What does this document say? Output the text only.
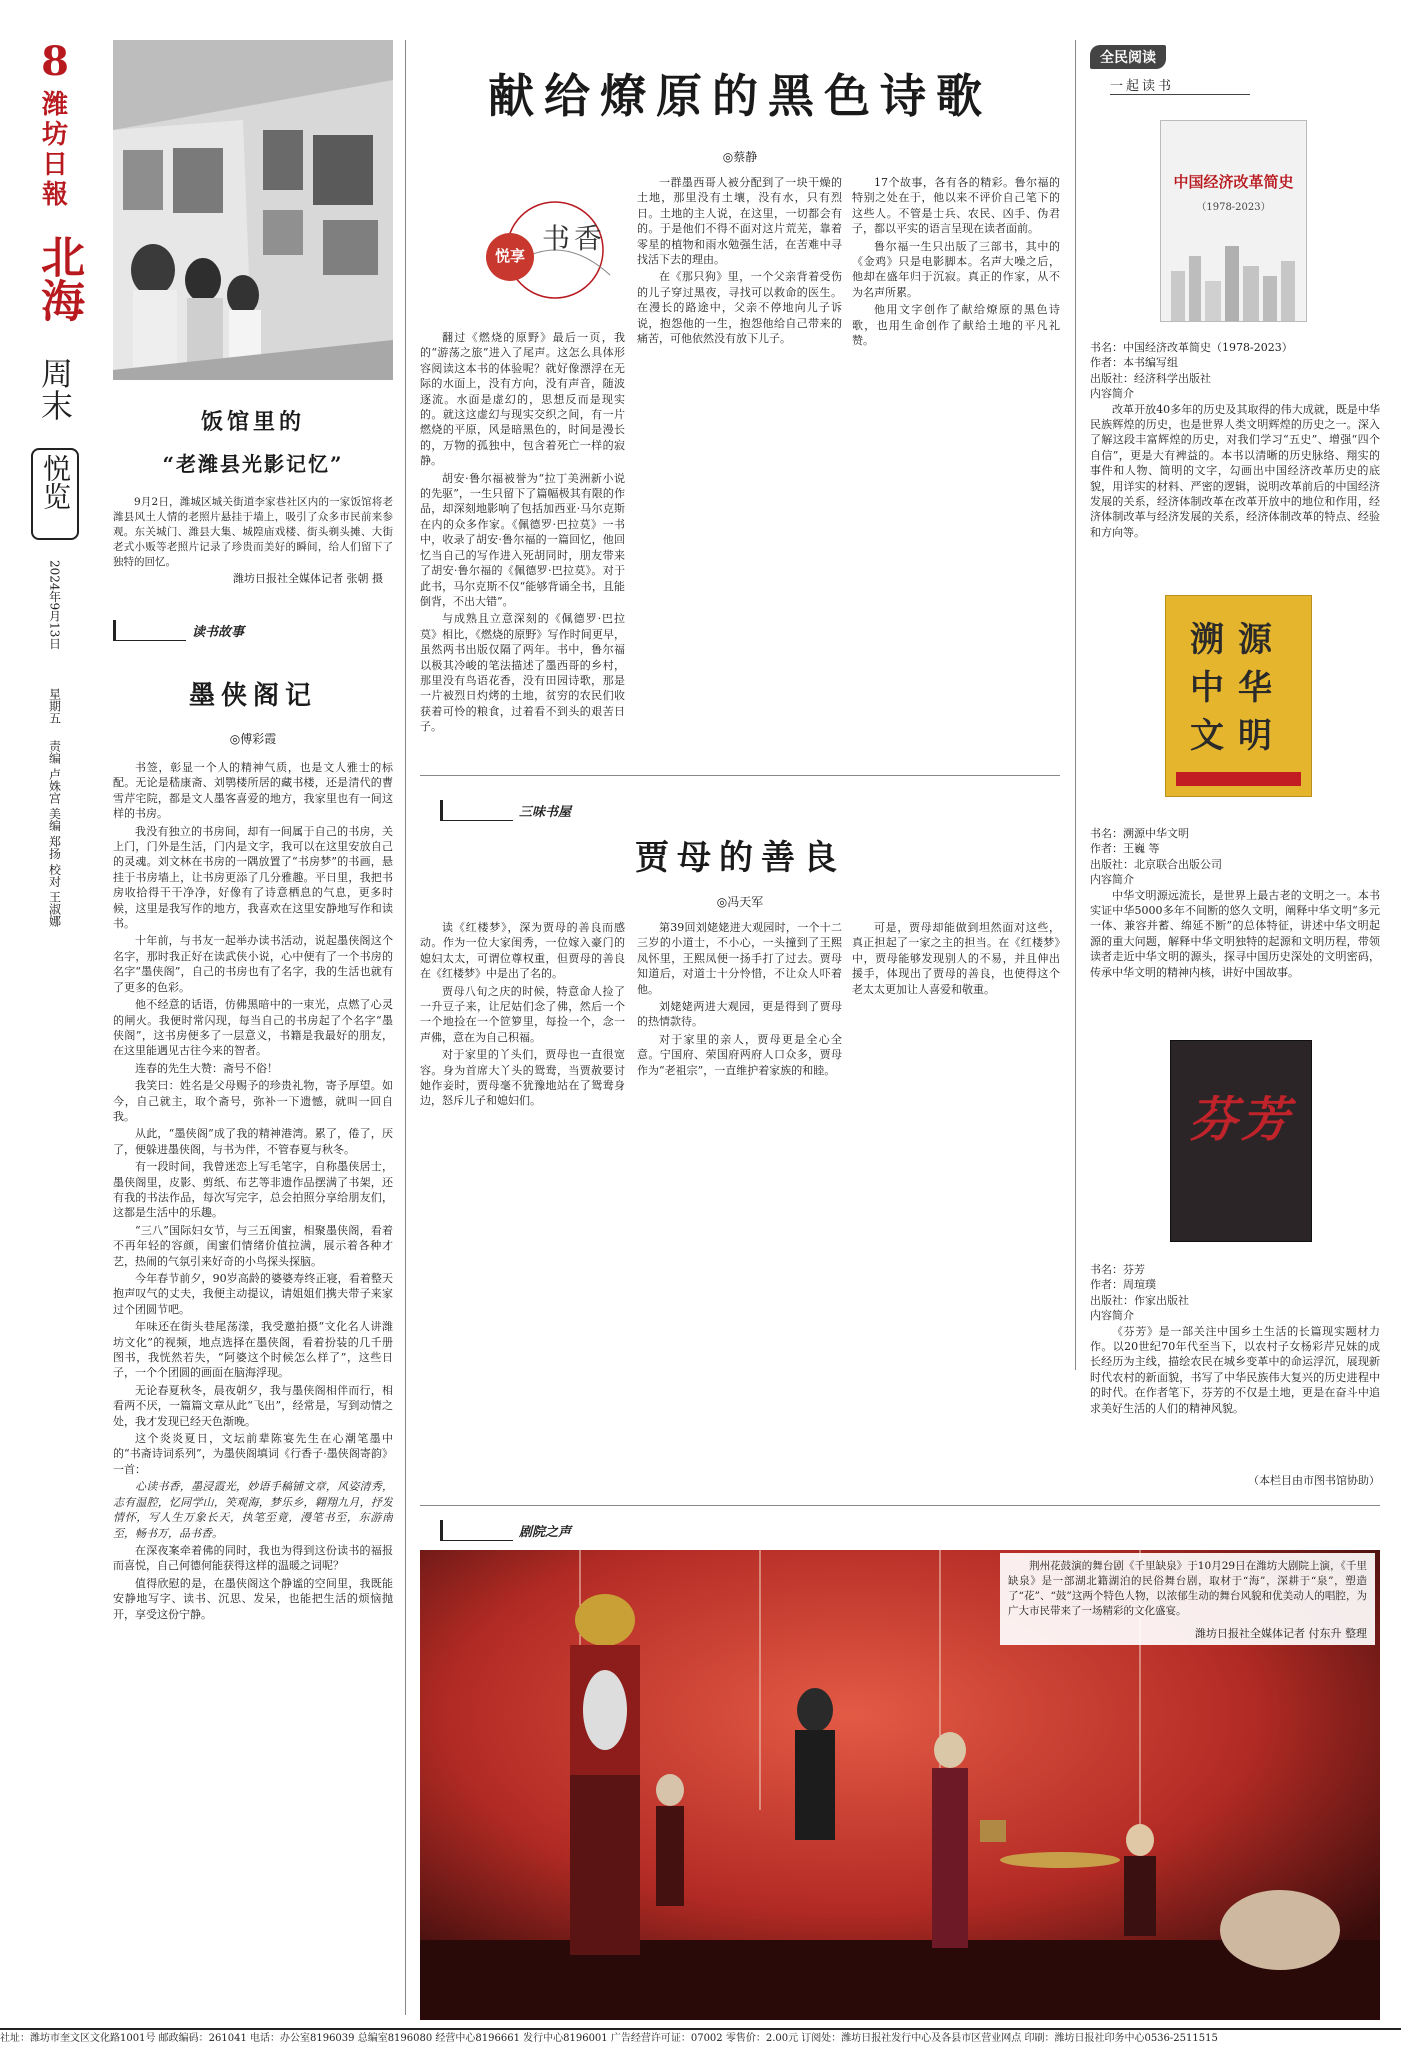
8
潍
坊
日
報
北海
周末
悦览
2024年9月13日
星期五
责编 卢姝宫 美编 郑扬 校对 王淑娜
饭馆里的
“老潍县光影记忆”
9月2日，潍城区城关街道李家巷社区内的一家饭馆将老潍县风土人情的老照片悬挂于墙上，吸引了众多市民前来参观。东关城门、潍县大集、城隍庙戏楼、街头剃头摊、大街老式小贩等老照片记录了珍贵而美好的瞬间，给人们留下了独特的回忆。
潍坊日报社全媒体记者 张朝 摄
读书故事
墨侠阁记
◎傅彩霞

书签，彰显一个人的精神气质，也是文人雅士的标配。无论是嵇康斋、刘鹗楼所居的藏书楼，还是清代的曹雪芹宅院，都是文人墨客喜爱的地方，我家里也有一间这样的书房。

我没有独立的书房间，却有一间属于自己的书房，关上门，门外是生活，门内是文字，我可以在这里安放自己的灵魂。刘文林在书房的一隅放置了“书房梦”的书画，悬挂于书房墙上，让书房更添了几分雅趣。平日里，我把书房收拾得干干净净，好像有了诗意栖息的气息，更多时候，这里是我写作的地方，我喜欢在这里安静地写作和读书。

十年前，与书友一起举办读书活动，说起墨侠阁这个名字，那时我正好在读武侠小说，心中便有了一个书房的名字“墨侠阁”，自己的书房也有了名字，我的生活也就有了更多的色彩。

他不经意的话语，仿佛黑暗中的一束光，点燃了心灵的闸火。我便时常闪现，每当自己的书房起了个名字“墨侠阁”，这书房便多了一层意义，书籍是我最好的朋友，在这里能遇见古往今来的智者。

连春的先生大赞：斋号不俗！

我笑曰：姓名是父母赐予的珍贵礼物，寄予厚望。如今，自己就主，取个斋号，弥补一下遗憾，就叫一回自我。

从此，“墨侠阁”成了我的精神港湾。累了，倦了，厌了，便躲进墨侠阁，与书为伴，不管春夏与秋冬。

有一段时间，我曾迷恋上写毛笔字，自称墨侠居士，墨侠阁里，皮影、剪纸、布艺等非遗作品摆满了书架，还有我的书法作品，每次写完字，总会拍照分享给朋友们，这都是生活中的乐趣。

“三八”国际妇女节，与三五闺蜜，相聚墨侠阁，看着不再年轻的容颜，闺蜜们情绪价值拉满，展示着各种才艺，热闹的气氛引来好奇的小鸟探头探脑。

今年春节前夕，90岁高龄的婆婆寿终正寝，看着整天抱声叹气的丈夫，我便主动提议，请姐姐们携夫带子来家过个团圆节吧。

年味还在街头巷尾荡漾，我受邀拍摄“文化名人讲潍坊文化”的视频，地点选择在墨侠阁，看着扮装的几千册图书，我恍然若失，“阿婆这个时候怎么样了”，这些日子，一个个团圆的画面在脑海浮现。

无论春夏秋冬，晨夜朝夕，我与墨侠阁相伴而行，相看两不厌，一篇篇文章从此“飞出”，经常是，写到动情之处，我才发现已经天色渐晚。

这个炎炎夏日，文坛前辈陈宴先生在心潮笔墨中的“书斋诗词系列”，为墨侠阁填词《行香子·墨侠阁寄韵》一首：

心读书香，墨浸霞光，妙语手稿铺文章，风姿清秀，志有温腔，忆同学山，笑观海，梦乐乡，翱翔九月，抒发情怀，写人生万象长天，执笔至竟，漫笔书至，东游南至，畅书万，品书香。

在深夜案牵着佛的同时，我也为得到这份读书的福报而喜悦，自己何德何能获得这样的温暖之词呢？

值得欣慰的是，在墨侠阁这个静谧的空间里，我既能安静地写字、读书、沉思、发呆，也能把生活的烦恼抛开，享受这份宁静。

献给燎原的黑色诗歌
◎蔡静
悦享
书香

翻过《燃烧的原野》最后一页，我的“游荡之旅”进入了尾声。这怎么具体形容阅读这本书的体验呢？就好像漂浮在无际的水面上，没有方向，没有声音，随波逐流。水面是虚幻的，思想反而是现实的。就这这虚幻与现实交织之间，有一片燃烧的平原，风是暗黑色的，时间是漫长的，万物的孤独中，包含着死亡一样的寂静。

胡安·鲁尔福被誉为“拉丁美洲新小说的先驱”，一生只留下了篇幅极其有限的作品，却深刻地影响了包括加西亚·马尔克斯在内的众多作家。《佩德罗·巴拉莫》一书中，收录了胡安·鲁尔福的一篇回忆，他回忆当自己的写作进入死胡同时，朋友带来了胡安·鲁尔福的《佩德罗·巴拉莫》。对于此书，马尔克斯不仅“能够背诵全书，且能倒背，不出大错”。

与成熟且立意深刻的《佩德罗·巴拉莫》相比，《燃烧的原野》写作时间更早，虽然两书出版仅隔了两年。书中，鲁尔福以极其冷峻的笔法描述了墨西哥的乡村，那里没有鸟语花香，没有田园诗歌，那是一片被烈日灼烤的土地，贫穷的农民们收获着可怜的粮食，过着看不到头的艰苦日子。

一群墨西哥人被分配到了一块干燥的土地，那里没有土壤，没有水，只有烈日。土地的主人说，在这里，一切都会有的。于是他们不得不面对这片荒芜，靠着零星的植物和雨水勉强生活，在苦难中寻找活下去的理由。

在《那只狗》里，一个父亲背着受伤的儿子穿过黑夜，寻找可以救命的医生。在漫长的路途中，父亲不停地向儿子诉说，抱怨他的一生，抱怨他给自己带来的痛苦，可他依然没有放下儿子。

17个故事，各有各的精彩。鲁尔福的特别之处在于，他以来不评价自己笔下的这些人。不管是士兵、农民、凶手、伪君子，都以平实的语言呈现在读者面前。

鲁尔福一生只出版了三部书，其中的《金鸡》只是电影脚本。名声大噪之后，他却在盛年归于沉寂。真正的作家，从不为名声所累。

他用文字创作了献给燎原的黑色诗歌，也用生命创作了献给土地的平凡礼赞。

三味书屋
贾母的善良
◎冯天军

读《红楼梦》，深为贾母的善良而感动。作为一位大家闺秀，一位嫁入豪门的媳妇太太，可谓位尊权重，但贾母的善良在《红楼梦》中是出了名的。

贾母八旬之庆的时候，特意命人捡了一升豆子来，让尼姑们念了佛，然后一个一个地捡在一个笸箩里，每捡一个，念一声佛，意在为自己积福。

对于家里的丫头们，贾母也一直很宽容。身为首席大丫头的鸳鸯，当贾赦要讨她作妾时，贾母毫不犹豫地站在了鸳鸯身边，怒斥儿子和媳妇们。

第39回刘姥姥进大观园时，一个十二三岁的小道士，不小心，一头撞到了王熙凤怀里，王熙凤便一扬手打了过去。贾母知道后，对道士十分怜惜，不让众人吓着他。

刘姥姥两进大观园，更是得到了贾母的热情款待。

对于家里的亲人，贾母更是全心全意。宁国府、荣国府两府人口众多，贾母作为“老祖宗”，一直维护着家族的和睦。

可是，贾母却能做到坦然面对这些，真正担起了一家之主的担当。在《红楼梦》中，贾母能够发现别人的不易，并且伸出援手，体现出了贾母的善良，也使得这个老太太更加让人喜爱和敬重。

全民阅读
一起读书
中国经济改革简史
（1978-2023）
书名：中国经济改革简史（1978-2023）
作者：本书编写组
出版社：经济科学出版社
内容简介
改革开放40多年的历史及其取得的伟大成就，既是中华民族辉煌的历史，也是世界人类文明辉煌的历史之一。深入了解这段丰富辉煌的历史，对我们学习“五史”、增强“四个自信”，更是大有裨益的。本书以清晰的历史脉络、翔实的事件和人物、简明的文字，勾画出中国经济改革历史的底貌，用详实的材料、严密的逻辑，说明改革前后的中国经济发展的关系，经济体制改革在改革开放中的地位和作用，经济体制改革与经济发展的关系，经济体制改革的特点、经验和方向等。
溯源中华文明
书名：溯源中华文明
作者：王巍 等
出版社：北京联合出版公司
内容简介
中华文明源远流长，是世界上最古老的文明之一。本书实证中华5000多年不间断的悠久文明，阐释中华文明“多元一体、兼容并蓄、绵延不断”的总体特征，讲述中华文明起源的重大问题，解释中华文明独特的起源和文明历程，带领读者走近中华文明的源头，探寻中国历史深处的文明密码，传承中华文明的精神内核，讲好中国故事。
芬芳
书名：芬芳
作者：周瑄璞
出版社：作家出版社
内容简介
《芬芳》是一部关注中国乡土生活的长篇现实题材力作。以20世纪70年代至当下，以农村子女杨彩芹兄妹的成长经历为主线，描绘农民在城乡变革中的命运浮沉，展现新时代农村的新面貌，书写了中华民族伟大复兴的历史进程中的时代。在作者笔下，芬芳的不仅是土地，更是在奋斗中追求美好生活的人们的精神风貌。
（本栏目由市图书馆协助）
剧院之声
荆州花鼓演的舞台剧《千里缺泉》于10月29日在潍坊大剧院上演，《千里缺泉》是一部湖北籍湖泊的民俗舞台剧，取材于“海”，深耕于“泉”，塑造了“花”、“鼓”这两个特色人物，以浓郁生动的舞台风貌和优美动人的唱腔，为广大市民带来了一场精彩的文化盛宴。
潍坊日报社全媒体记者 付东升 整理
社址：潍坊市奎文区文化路1001号 邮政编码：261041 电话：办公室8196039 总编室8196080 经营中心8196661 发行中心8196001 广告经营许可证：07002 零售价：2.00元 订阅处：潍坊日报社发行中心及各县市区营业网点 印刷：潍坊日报社印务中心0536-2511515
